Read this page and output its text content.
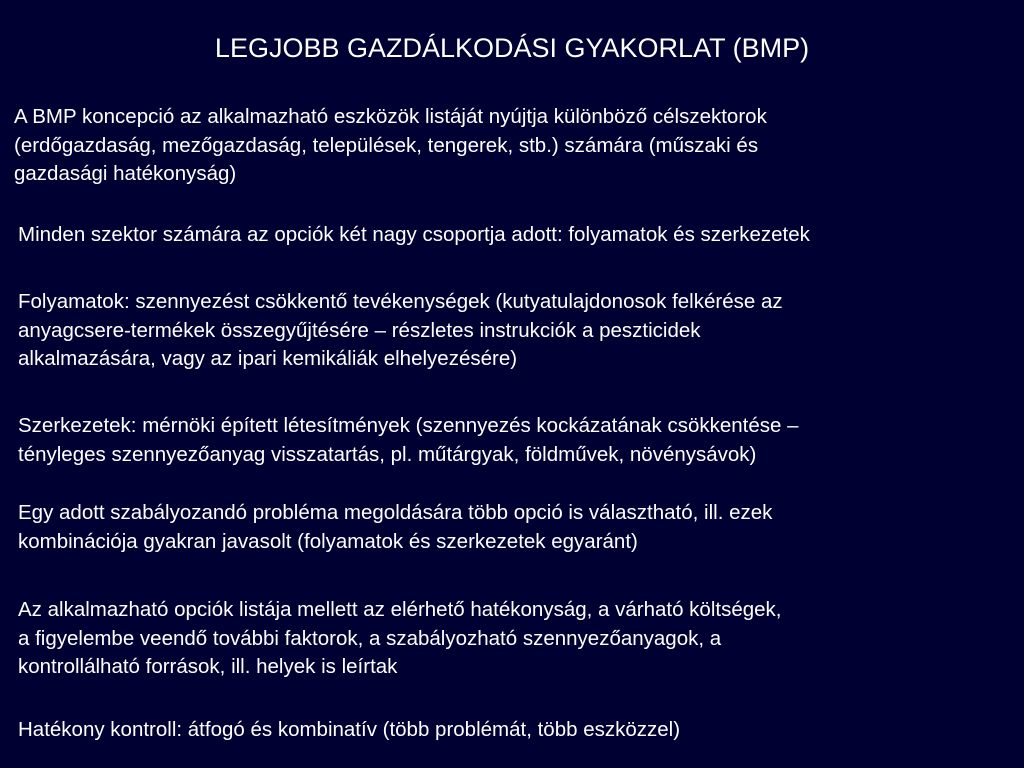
LEGJOBB GAZDÁLKODÁSI GYAKORLAT (BMP)
A BMP koncepció az alkalmazható eszközök listáját nyújtja különböző célszektorok
(erdőgazdaság, mezőgazdaság, települések, tengerek, stb.) számára (műszaki és
gazdasági hatékonyság)
Minden szektor számára az opciók két nagy csoportja adott: folyamatok és szerkezetek
Folyamatok: szennyezést csökkentő tevékenységek (kutyatulajdonosok felkérése az
anyagcsere-termékek összegyűjtésére – részletes instrukciók a peszticidek
alkalmazására, vagy az ipari kemikáliák elhelyezésére)
Szerkezetek: mérnöki épített létesítmények (szennyezés kockázatának csökkentése –
tényleges szennyezőanyag visszatartás, pl. műtárgyak, földművek, növénysávok)
Egy adott szabályozandó probléma megoldására több opció is választható, ill. ezek
kombinációja gyakran javasolt (folyamatok és szerkezetek egyaránt)
Az alkalmazható opciók listája mellett az elérhető hatékonyság, a várható költségek,
a figyelembe veendő további faktorok, a szabályozható szennyezőanyagok, a
kontrollálható források, ill. helyek is leírtak
Hatékony kontroll: átfogó és kombinatív (több problémát, több eszközzel)
